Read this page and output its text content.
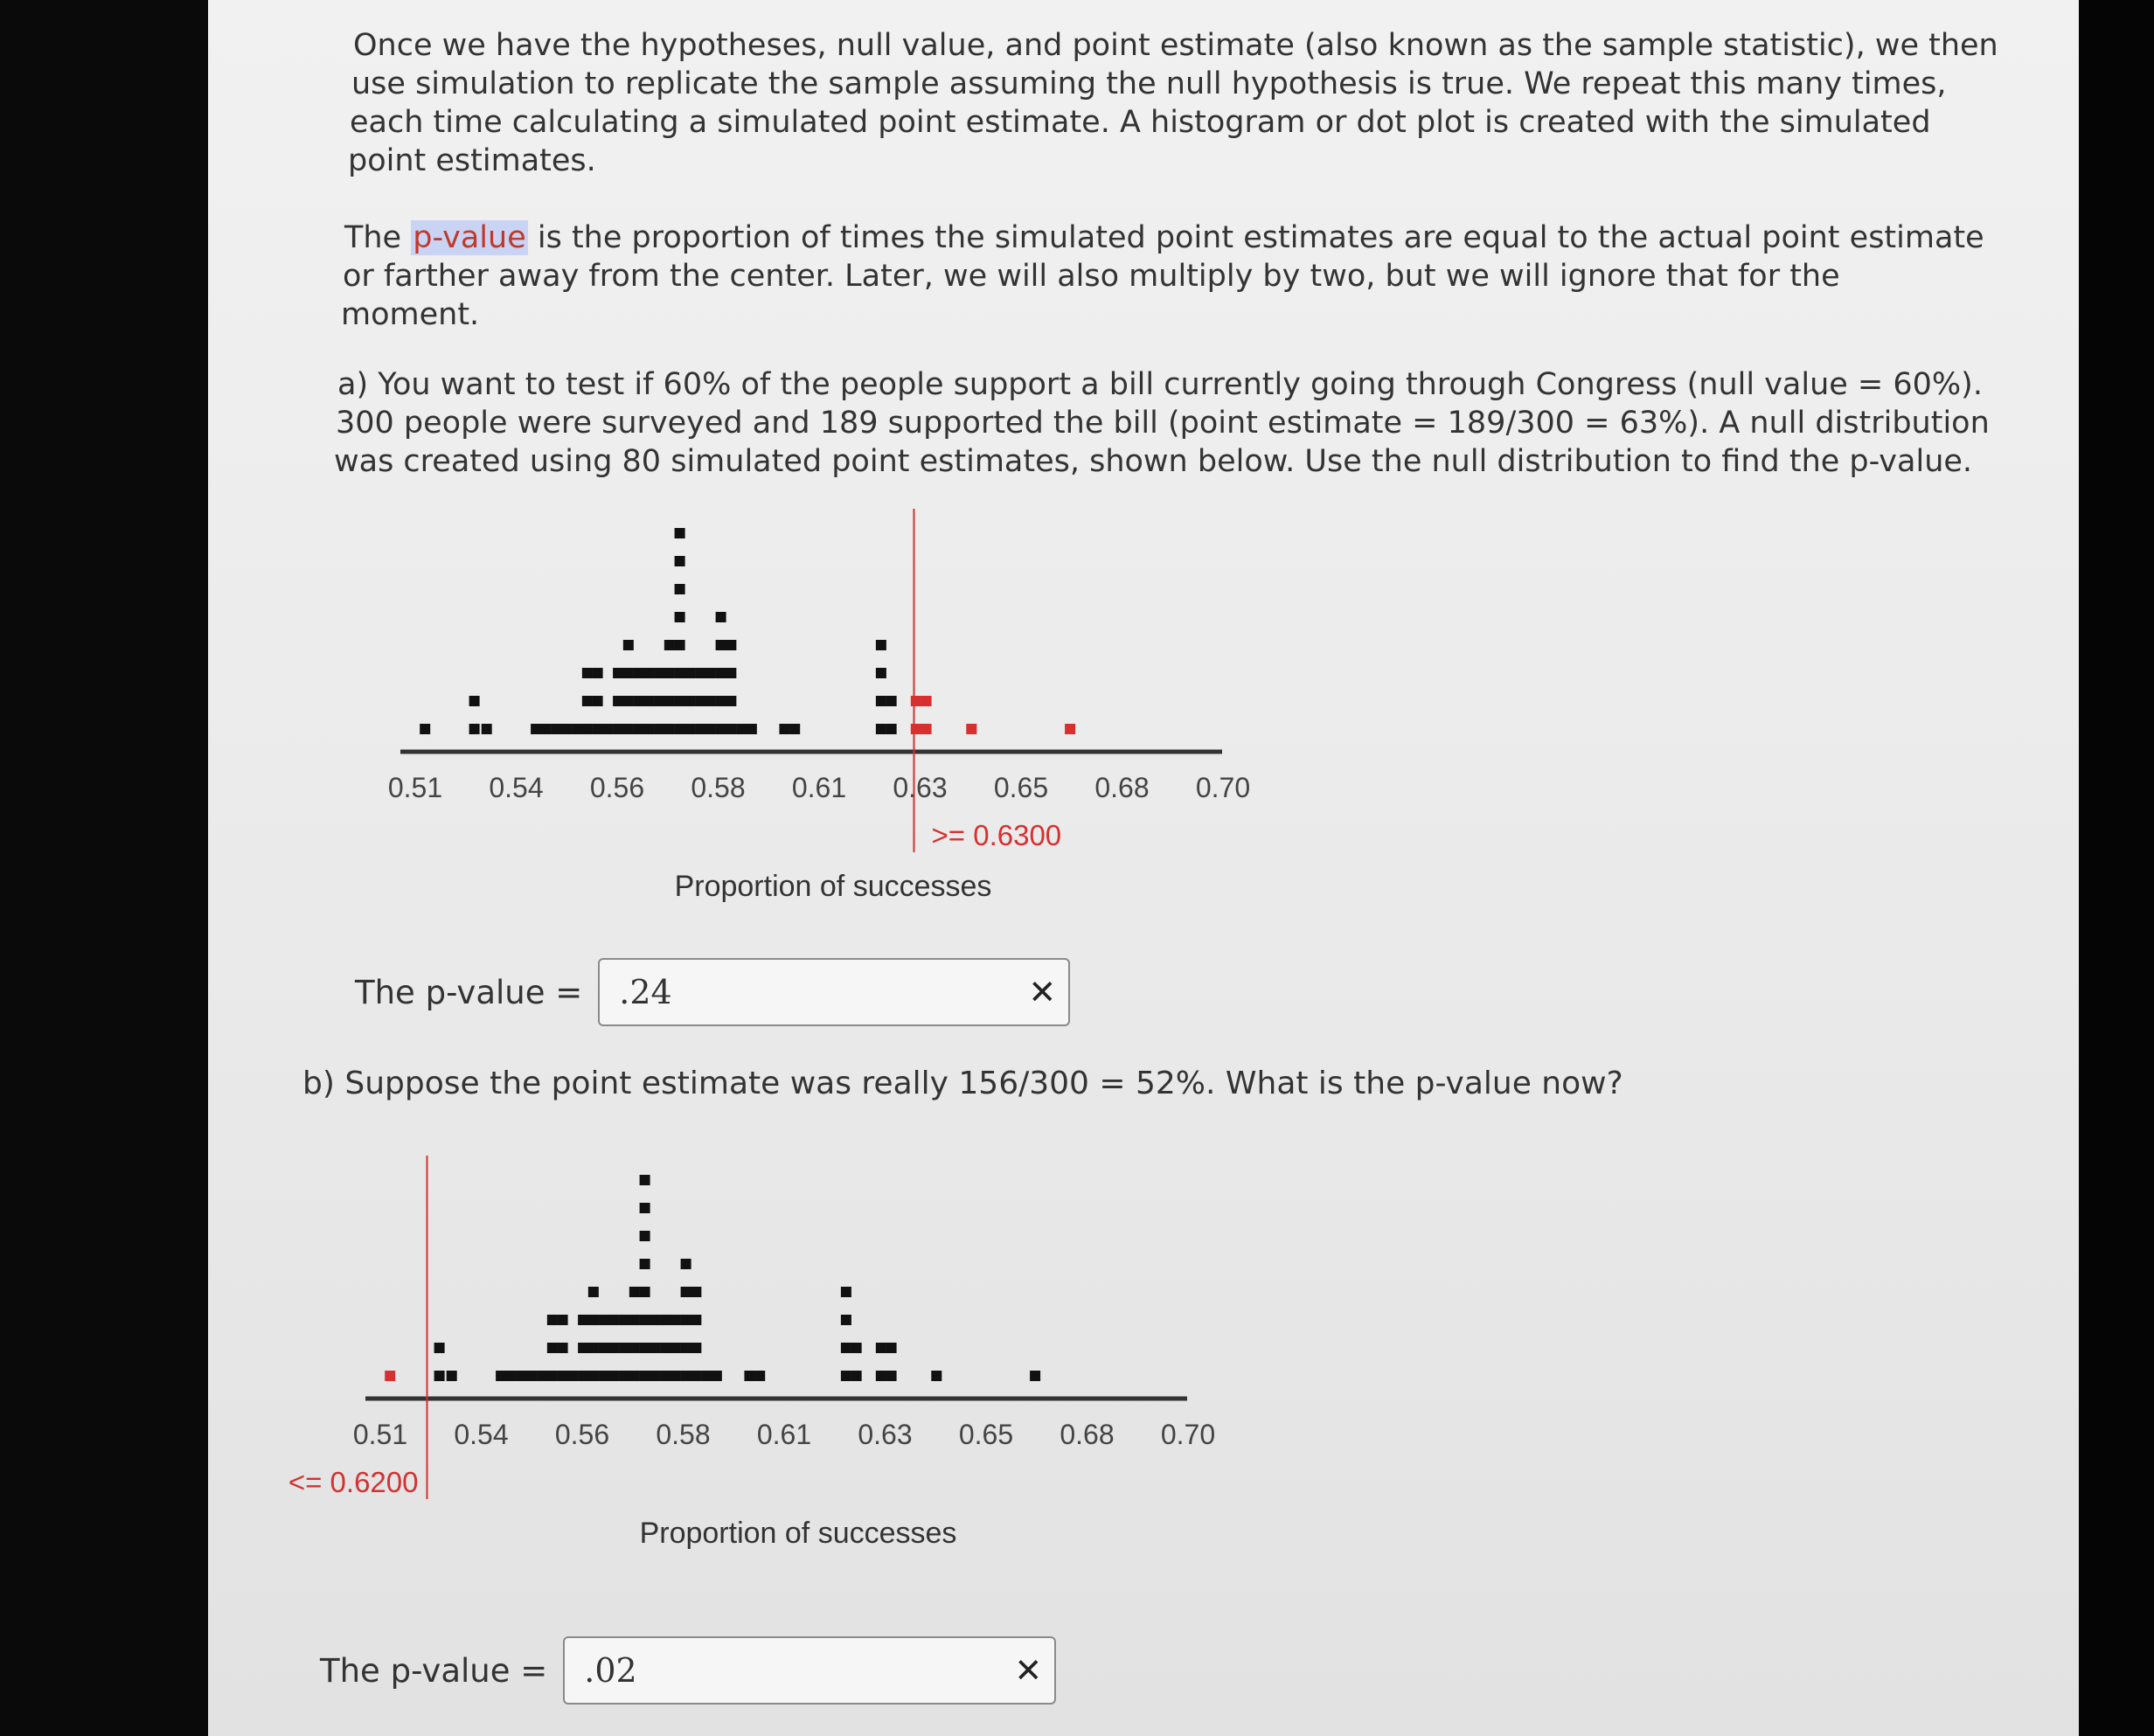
Once we have the hypotheses, null value, and point estimate (also known as the sample statistic), we then

use simulation to replicate the sample assuming the null hypothesis is true. We repeat this many times,

each time calculating a simulated point estimate. A histogram or dot plot is created with the simulated

point estimates.

The p-value is the proportion of times the simulated point estimates are equal to the actual point estimate

or farther away from the center. Later, we will also multiply by two, but we will ignore that for the

moment.

a) You want to test if 60% of the people support a bill currently going through Congress (null value = 60%).

300 people were surveyed and 189 supported the bill (point estimate = 189/300 = 63%). A null distribution

was created using 80 simulated point estimates, shown below. Use the null distribution to find the p-value.

0.51 0.54 0.56 0.58 0.61 0.63 0.65 0.68 0.70
>= 0.6300
Proportion of successes
The p-value =	.24	✕

b) Suppose the point estimate was really 156/300 = 52%. What is the p-value now?

0.51 0.54 0.56 0.58 0.61 0.63 0.65 0.68 0.70
<= 0.6200
Proportion of successes
The p-value =	.02	✕
